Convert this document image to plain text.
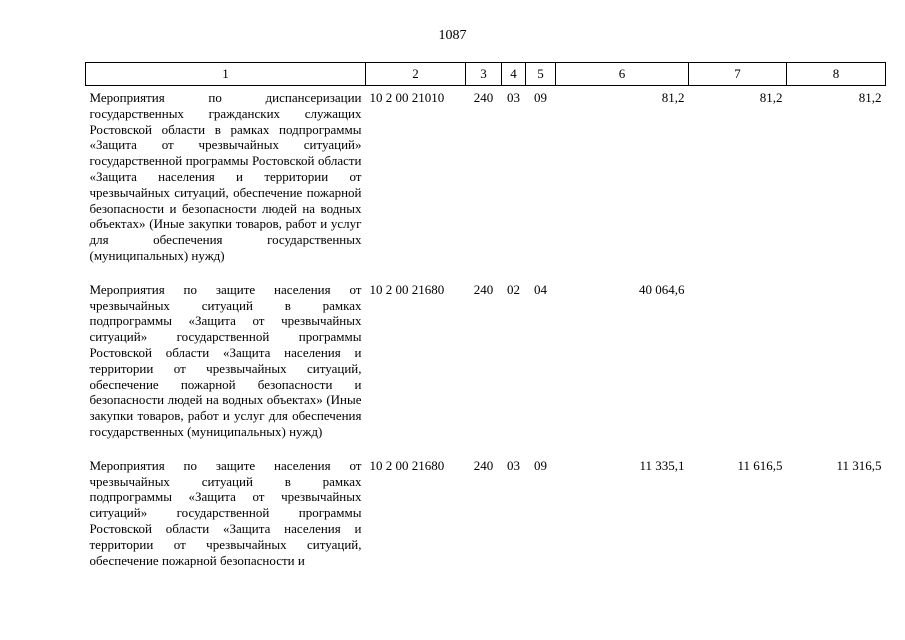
1087
1	2	3	4	5	6	7	8

Мероприятия по диспансеризации государственных гражданских служащих Ростовской области в рамках подпрограммы «Защита от чрезвычайных ситуаций» государственной программы Ростовской области «Защита населения и территории от чрезвычайных ситуаций, обеспечение пожарной безопасности и безопасности людей на водных объектах» (Иные закупки товаров, работ и услуг для обеспечения государственных (муниципальных) нужд)	10 2 00 21010	240	03	09	81,2	81,2	81,2

Мероприятия по защите населения от чрезвычайных ситуаций в рамках подпрограммы «Защита от чрезвычайных ситуаций» государственной программы Ростовской области «Защита населения и территории от чрезвычайных ситуаций, обеспечение пожарной безопасности и безопасности людей на водных объектах» (Иные закупки товаров, работ и услуг для обеспечения государственных (муниципальных) нужд)	10 2 00 21680	240	02	04	40 064,6		

Мероприятия по защите населения от чрезвычайных ситуаций в рамках подпрограммы «Защита от чрезвычайных ситуаций» государственной программы Ростовской области «Защита населения и территории от чрезвычайных ситуаций, обеспечение пожарной безопасности и	10 2 00 21680	240	03	09	11 335,1	11 616,5	11 316,5
